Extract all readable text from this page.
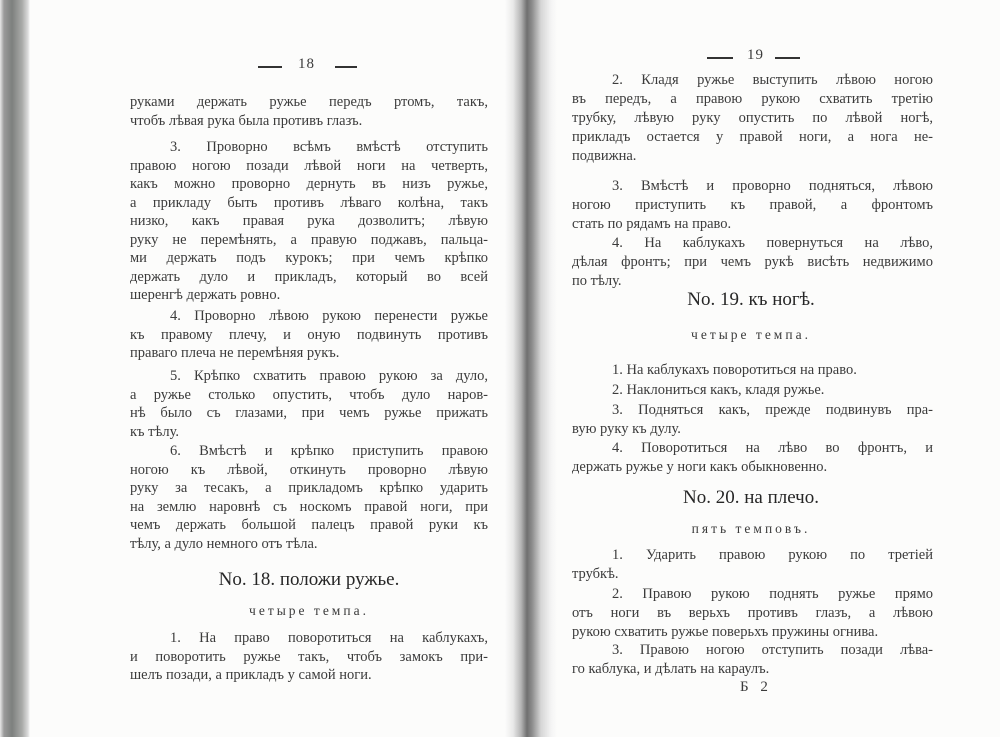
18
No. 18. положи ружье.
четыре темпа.
руками держать ружье передъ ртомъ, такъ,
чтобъ лѣвая рука была противъ глазъ.
3. Проворно всѣмъ вмѣстѣ отступить
правою ногою позади лѣвой ноги на четверть,
какъ можно проворно дернуть въ низъ ружье,
а прикладу быть противъ лѣваго колѣна, такъ
низко, какъ правая рука дозволитъ; лѣвую
руку не перемѣнять, а правую поджавъ, пальца-
ми держать подъ курокъ; при чемъ крѣпко
держать дуло и прикладъ, который во всей
шеренгѣ держать ровно.
4. Проворно лѣвою рукою перенести ружье
къ правому плечу, и оную подвинуть противъ
праваго плеча не перемѣняя рукъ.
5. Крѣпко схватить правою рукою за дуло,
а ружье столько опустить, чтобъ дуло наров-
нѣ было съ глазами, при чемъ ружье прижать
къ тѣлу.
6. Вмѣстѣ и крѣпко приступить правою
ногою къ лѣвой, откинуть проворно лѣвую
руку за тесакъ, а прикладомъ крѣпко ударить
на землю наровнѣ съ носкомъ правой ноги, при
чемъ держать большой палецъ правой руки къ
тѣлу, а дуло немного отъ тѣла.
1. На право поворотиться на каблукахъ,
и поворотить ружье такъ, чтобъ замокъ при-
шелъ позади, а прикладъ у самой ноги.
19
No. 19. къ ногѣ.
четыре темпа.
No. 20. на плечо.
пять темповъ.
Б 2
2. Кладя ружье выступить лѣвою ногою
въ передъ, а правою рукою схватить третію
трубку, лѣвую руку опустить по лѣвой ногѣ,
прикладъ остается у правой ноги, а нога не-
подвижна.
3. Вмѣстѣ и проворно подняться, лѣвою
ногою приступить къ правой, а фронтомъ
стать по рядамъ на право.
4. На каблукахъ повернуться на лѣво,
дѣлая фронтъ; при чемъ рукѣ висѣть недвижимо
по тѣлу.
1. На каблукахъ поворотиться на право.
2. Наклониться какъ, кладя ружье.
3. Подняться какъ, прежде подвинувъ пра-
вую руку къ дулу.
4. Поворотиться на лѣво во фронтъ, и
держать ружье у ноги какъ обыкновенно.
1. Ударить правою рукою по третiей
трубкѣ.
2. Правою рукою поднять ружье прямо
отъ ноги въ верьхъ противъ глазъ, а лѣвою
рукою схватить ружье поверьхъ пружины огнива.
3. Правою ногою отступить позади лѣва-
го каблука, и дѣлать на караулъ.
